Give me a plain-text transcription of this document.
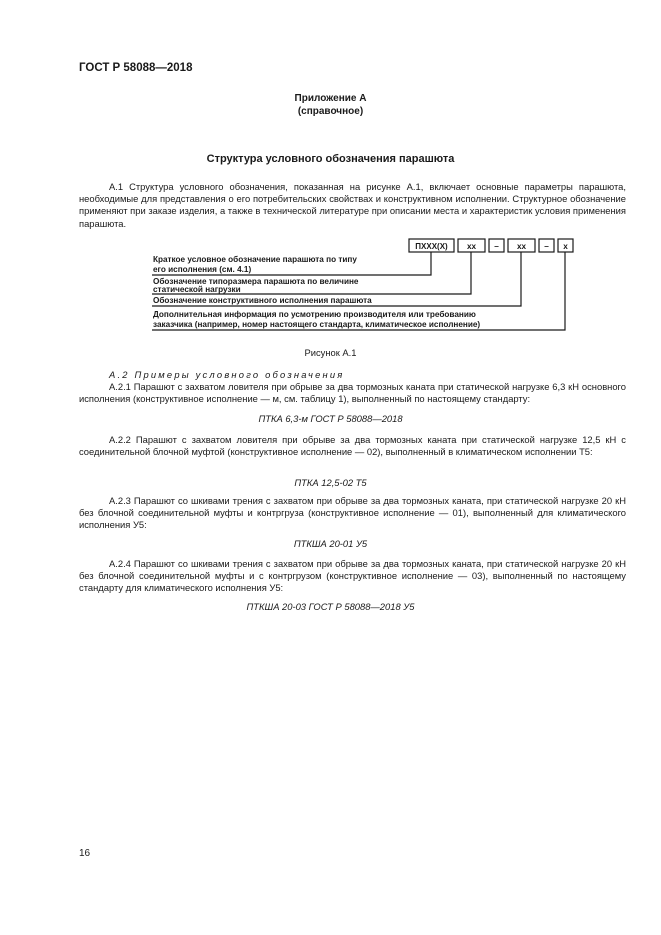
ГОСТ Р 58088—2018
Приложение А
(справочное)
Структура условного обозначения парашюта
А.1 Структура условного обозначения, показанная на рисунке А.1, включает основные параметры парашюта, необходимые для представления о его потребительских свойствах и конструктивном исполнении. Структурное обозначение применяют при заказе изделия, а также в технической литературе при описании места и характеристик условия применения парашюта.
ПХХХ(Х) хх – хх – х
Краткое условное обозначение парашюта по типу
его исполнения (см. 4.1)
Обозначение типоразмера парашюта по величине
статической нагрузки
Обозначение конструктивного исполнения парашюта
Дополнительная информация по усмотрению производителя или требованию
заказчика (например, номер настоящего стандарта, климатическое исполнение)
Рисунок А.1
А.2 Примеры условного обозначения
А.2.1 Парашют с захватом ловителя при обрыве за два тормозных каната при статической нагрузке 6,3 кН основного исполнения (конструктивное исполнение — м, см. таблицу 1), выполненный по настоящему стандарту:
ПТКА 6,3-м ГОСТ Р 58088—2018
А.2.2 Парашют с захватом ловителя при обрыве за два тормозных каната при статической нагрузке 12,5 кН с соединительной блочной муфтой (конструктивное исполнение — 02), выполненный в климатическом исполнении Т5:
ПТКА 12,5-02 Т5
А.2.3 Парашют со шкивами трения с захватом при обрыве за два тормозных каната, при статической нагрузке 20 кН без блочной соединительной муфты и контргруза (конструктивное исполнение — 01), выполненный для климатического исполнения У5:
ПТКША 20-01 У5
А.2.4 Парашют со шкивами трения с захватом при обрыве за два тормозных каната, при статической нагрузке 20 кН без блочной соединительной муфты и с контргрузом (конструктивное исполнение — 03), выполненный по настоящему стандарту для климатического исполнения У5:
ПТКША 20-03 ГОСТ Р 58088—2018 У5
16
